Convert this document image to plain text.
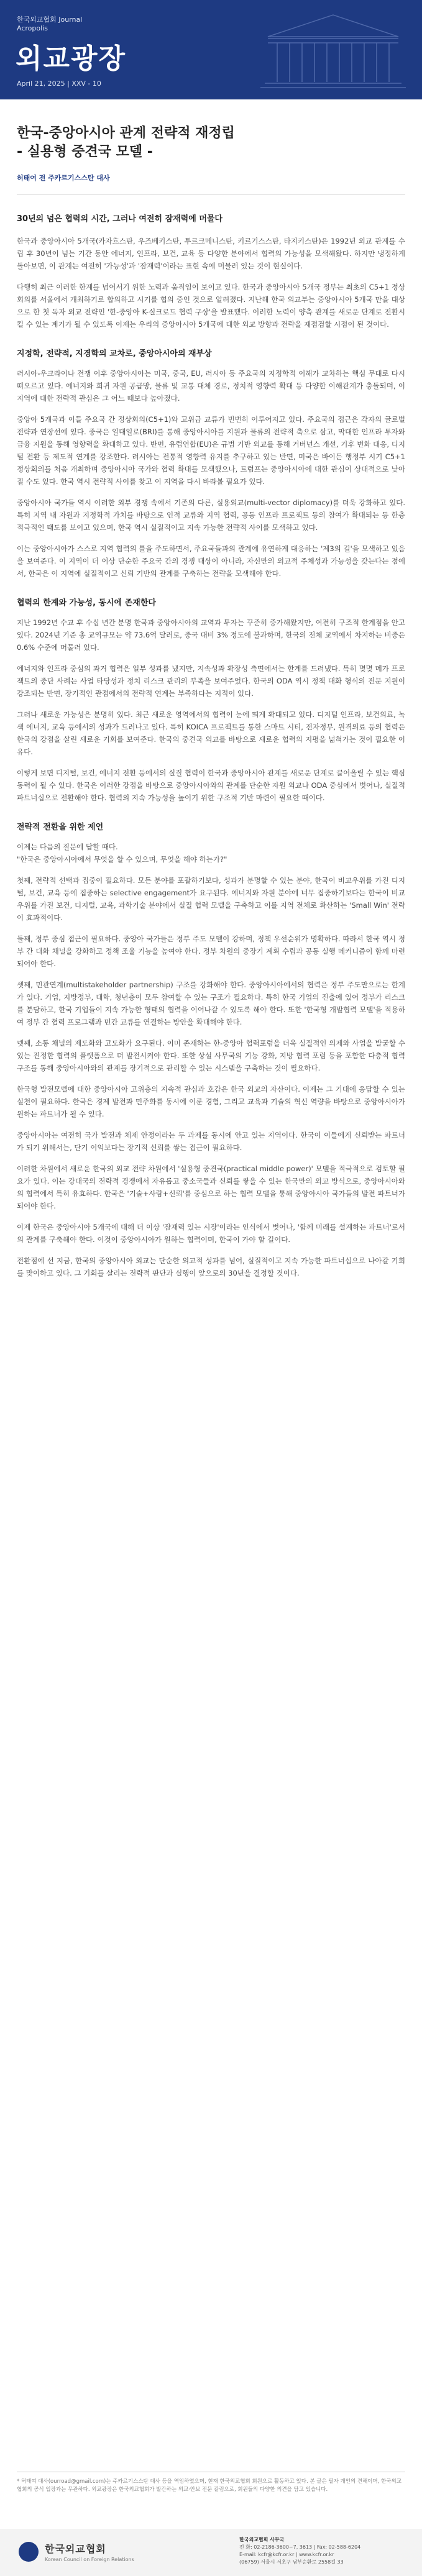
한국외교협회 Journal
Acropolis
외교광장
April 21, 2025 | XXV - 10
한국-중앙아시아 관계 전략적 재정립
- 실용형 중견국 모델 -
허태여 전 주카르기스스탄 대사
30년의 넘은 협력의 시간, 그러나 여전히 잠재력에 머물다

한국과 중앙아시아 5개국(카자흐스탄, 우즈베키스탄, 투르크메니스탄, 키르기스스탄, 타지키스탄)은 1992년 외교 관계를 수립 후 30년이 넘는 기간 동안 에너지, 인프라, 보건, 교육 등 다양한 분야에서 협력의 가능성을 모색해왔다. 하지만 냉정하게 돌아보면, 이 관계는 여전히 '가능성'과 '잠재력'이라는 표현 속에 머물러 있는 것이 현실이다.

다행히 최근 이러한 한계를 넘어서기 위한 노력과 움직임이 보이고 있다. 한국과 중앙아시아 5개국 정부는 최초의 C5+1 정상회의를 서울에서 개최하기로 합의하고 시기를 협의 중인 것으로 알려졌다. 지난해 한국 외교부는 중앙아시아 5개국 만을 대상으로 한 첫 독자 외교 전략인 '한-중앙아 K-실크로드 협력 구상'을 발표했다. 이러한 노력이 양측 관계를 새로운 단계로 전환시킬 수 있는 계기가 될 수 있도록 이제는 우리의 중앙아시아 5개국에 대한 외교 방향과 전략을 재점검할 시점이 된 것이다.

지정학, 전략적, 지경학의 교차로, 중앙아시아의 재부상

러시아-우크라이나 전쟁 이후 중앙아시아는 미국, 중국, EU, 러시아 등 주요국의 지정학적 이해가 교차하는 핵심 무대로 다시 떠오르고 있다. 에너지와 희귀 자원 공급망, 물류 및 교통 대체 경로, 정치적 영향력 확대 등 다양한 이해관계가 충돌되며, 이 지역에 대한 전략적 관심은 그 어느 때보다 높아졌다.

중앙아 5개국과 이들 주요국 간 정상회의(C5+1)와 고위급 교류가 빈번히 이루어지고 있다. 주요국의 접근은 각자의 글로벌 전략과 연장선에 있다. 중국은 일대일로(BRI)를 통해 중앙아시아를 지원과 물류의 전략적 축으로 삼고, 막대한 인프라 투자와 금융 지원을 통해 영향력을 확대하고 있다. 반면, 유럽연합(EU)은 규범 기반 외교를 통해 거버넌스 개선, 기후 변화 대응, 디지털 전환 등 제도적 연계를 강조한다. 러시아는 전통적 영향력 유지를 추구하고 있는 반면, 미국은 바이든 행정부 시기 C5+1 정상회의를 처음 개최하며 중앙아시아 국가와 협력 확대를 모색했으나, 트럼프는 중앙아시아에 대한 관심이 상대적으로 낮아질 수도 있다. 한국 역시 전략적 사이를 찾고 이 지역을 다시 바라볼 필요가 있다.

중앙아시아 국가들 역시 이러한 외부 경쟁 속에서 기존의 다른, 실용외교(multi-vector diplomacy)를 더욱 강화하고 있다. 특히 지역 내 자원과 지정학적 가치를 바탕으로 인적 교류와 지역 협력, 공동 인프라 프로젝트 등의 참여가 확대되는 등 한층 적극적인 태도를 보이고 있으며, 한국 역시 실질적이고 지속 가능한 전략적 사이를 모색하고 있다.

이는 중앙아시아가 스스로 지역 협력의 틀을 주도하면서, 주요국들과의 관계에 유연하게 대응하는 '제3의 길'을 모색하고 있음을 보여준다. 이 지역이 더 이상 단순한 주요국 간의 경쟁 대상이 아니라, 자신만의 외교적 주체성과 가능성을 갖는다는 점에서, 한국은 이 지역에 실질적이고 신뢰 기반의 관계를 구축하는 전략을 모색해야 한다.

협력의 한계와 가능성, 동시에 존재한다

지난 1992년 수교 후 수십 년간 분명 한국과 중앙아시아의 교역과 투자는 꾸준히 증가해왔지만, 여전히 구조적 한계점을 안고 있다. 2024년 기준 총 교역규모는 약 73.6억 달러로, 중국 대비 3% 정도에 불과하며, 한국의 전체 교역에서 차지하는 비중은 0.6% 수준에 머물러 있다.

에너지와 인프라 중심의 과거 협력은 일부 성과를 냈지만, 지속성과 확장성 측면에서는 한계를 드러냈다. 특히 몇몇 메가 프로젝트의 중단 사례는 사업 타당성과 정치 리스크 관리의 부족을 보여주었다. 한국의 ODA 역시 정책 대화 형식의 전문 지원이 강조되는 반면, 장기적인 관점에서의 전략적 연계는 부족하다는 지적이 있다.

그러나 새로운 가능성은 분명히 있다. 최근 새로운 영역에서의 협력이 눈에 띄게 확대되고 있다. 디지털 인프라, 보건의료, 녹색 에너지, 교육 등에서의 성과가 드러나고 있다. 특히 KOICA 프로젝트를 통한 스마트 시티, 전자정부, 원격의료 등의 협력은 한국의 강점을 살린 새로운 기회를 보여준다. 한국의 중견국 외교를 바탕으로 새로운 협력의 지평을 넓혀가는 것이 필요한 이유다.

이렇게 보면 디지털, 보건, 에너지 전환 등에서의 실질 협력이 한국과 중앙아시아 관계를 새로운 단계로 끌어올릴 수 있는 핵심 동력이 될 수 있다. 한국은 이러한 강점을 바탕으로 중앙아시아와의 관계를 단순한 자원 외교나 ODA 중심에서 벗어나, 실질적 파트너십으로 전환해야 한다. 협력의 지속 가능성을 높이기 위한 구조적 기반 마련이 필요한 때이다.

전략적 전환을 위한 제언

이제는 다음의 질문에 답할 때다.
"한국은 중앙아시아에서 무엇을 할 수 있으며, 무엇을 해야 하는가?"

첫째, 전략적 선택과 집중이 필요하다. 모든 분야를 포괄하기보다, 성과가 분명할 수 있는 분야, 한국이 비교우위를 가진 디지털, 보건, 교육 등에 집중하는 selective engagement가 요구된다. 에너지와 자원 분야에 너무 집중하기보다는 한국이 비교우위를 가진 보건, 디지털, 교육, 과학기술 분야에서 실질 협력 모델을 구축하고 이를 지역 전체로 확산하는 'Small Win' 전략이 효과적이다.

둘째, 정부 중심 접근이 필요하다. 중앙아 국가들은 정부 주도 모델이 강하며, 정책 우선순위가 명확하다. 따라서 한국 역시 정부 간 대화 채널을 강화하고 정책 조율 기능을 높여야 한다. 정부 차원의 중장기 계획 수립과 공동 실행 메커니즘이 함께 마련되어야 한다.

셋째, 민관연계(multistakeholder partnership) 구조를 강화해야 한다. 중앙아시아에서의 협력은 정부 주도만으로는 한계가 있다. 기업, 지방정부, 대학, 청년층이 모두 참여할 수 있는 구조가 필요하다. 특히 한국 기업의 진출에 있어 정부가 리스크를 분담하고, 한국 기업들이 지속 가능한 형태의 협력을 이어나갈 수 있도록 해야 한다. 또한 '한국형 개발협력 모델'을 적용하여 정부 간 협력 프로그램과 민간 교류를 연결하는 방안을 확대해야 한다.

넷째, 소통 채널의 제도화와 고도화가 요구된다. 이미 존재하는 한-중앙아 협력포럼을 더욱 실질적인 의제와 사업을 발굴할 수 있는 진정한 협력의 플랫폼으로 더 발전시켜야 한다. 또한 상설 사무국의 기능 강화, 지방 협력 포럼 등을 포함한 다층적 협력 구조를 통해 중앙아시아와의 관계를 장기적으로 관리할 수 있는 시스템을 구축하는 것이 필요하다.

한국형 발전모델에 대한 중앙아시아 고위층의 지속적 관심과 호감은 한국 외교의 자산이다. 이제는 그 기대에 응답할 수 있는 실천이 필요하다. 한국은 경제 발전과 민주화를 동시에 이룬 경험, 그리고 교육과 기술의 혁신 역량을 바탕으로 중앙아시아가 원하는 파트너가 될 수 있다.

중앙아시아는 여전히 국가 발전과 체제 안정이라는 두 과제를 동시에 안고 있는 지역이다. 한국이 이들에게 신뢰받는 파트너가 되기 위해서는, 단기 이익보다는 장기적 신뢰를 쌓는 접근이 필요하다.

이러한 차원에서 새로운 한국의 외교 전략 차원에서 '실용형 중견국(practical middle power)' 모델을 적극적으로 검토할 필요가 있다. 이는 강대국의 전략적 경쟁에서 자유롭고 중소국들과 신뢰를 쌓을 수 있는 한국만의 외교 방식으로, 중앙아시아와의 협력에서 특히 유효하다. 한국은 '기술+사람+신뢰'를 중심으로 하는 협력 모델을 통해 중앙아시아 국가들의 발전 파트너가 되어야 한다.

이제 한국은 중앙아시아 5개국에 대해 더 이상 '잠재력 있는 시장'이라는 인식에서 벗어나, '함께 미래를 설계하는 파트너'로서의 관계를 구축해야 한다. 이것이 중앙아시아가 원하는 협력이며, 한국이 가야 할 길이다.

전환점에 선 지금, 한국의 중앙아시아 외교는 단순한 외교적 성과를 넘어, 실질적이고 지속 가능한 파트너십으로 나아갈 기회를 맞이하고 있다. 그 기회를 살리는 전략적 판단과 실행이 앞으로의 30년을 결정할 것이다.

* 허태여 대사(ourroad@gmail.com)는 주카르기스스탄 대사 등을 역임하였으며, 현재 한국외교협회 회원으로 활동하고 있다. 본 글은 필자 개인의 견해이며, 한국외교협회의 공식 입장과는 무관하다. 외교광장은 한국외교협회가 발간하는 외교·안보 전문 칼럼으로, 회원들의 다양한 의견을 담고 있습니다.
한국외교협회
Korean Council on Foreign Relations
한국외교협회 사무국
전 화: 02-2186-3600~7, 3613 | Fax: 02-588-6204
E-mail: kcfr@kcfr.or.kr | www.kcfr.or.kr
(06759) 서울시 서초구 남부순환로 2558길 33
